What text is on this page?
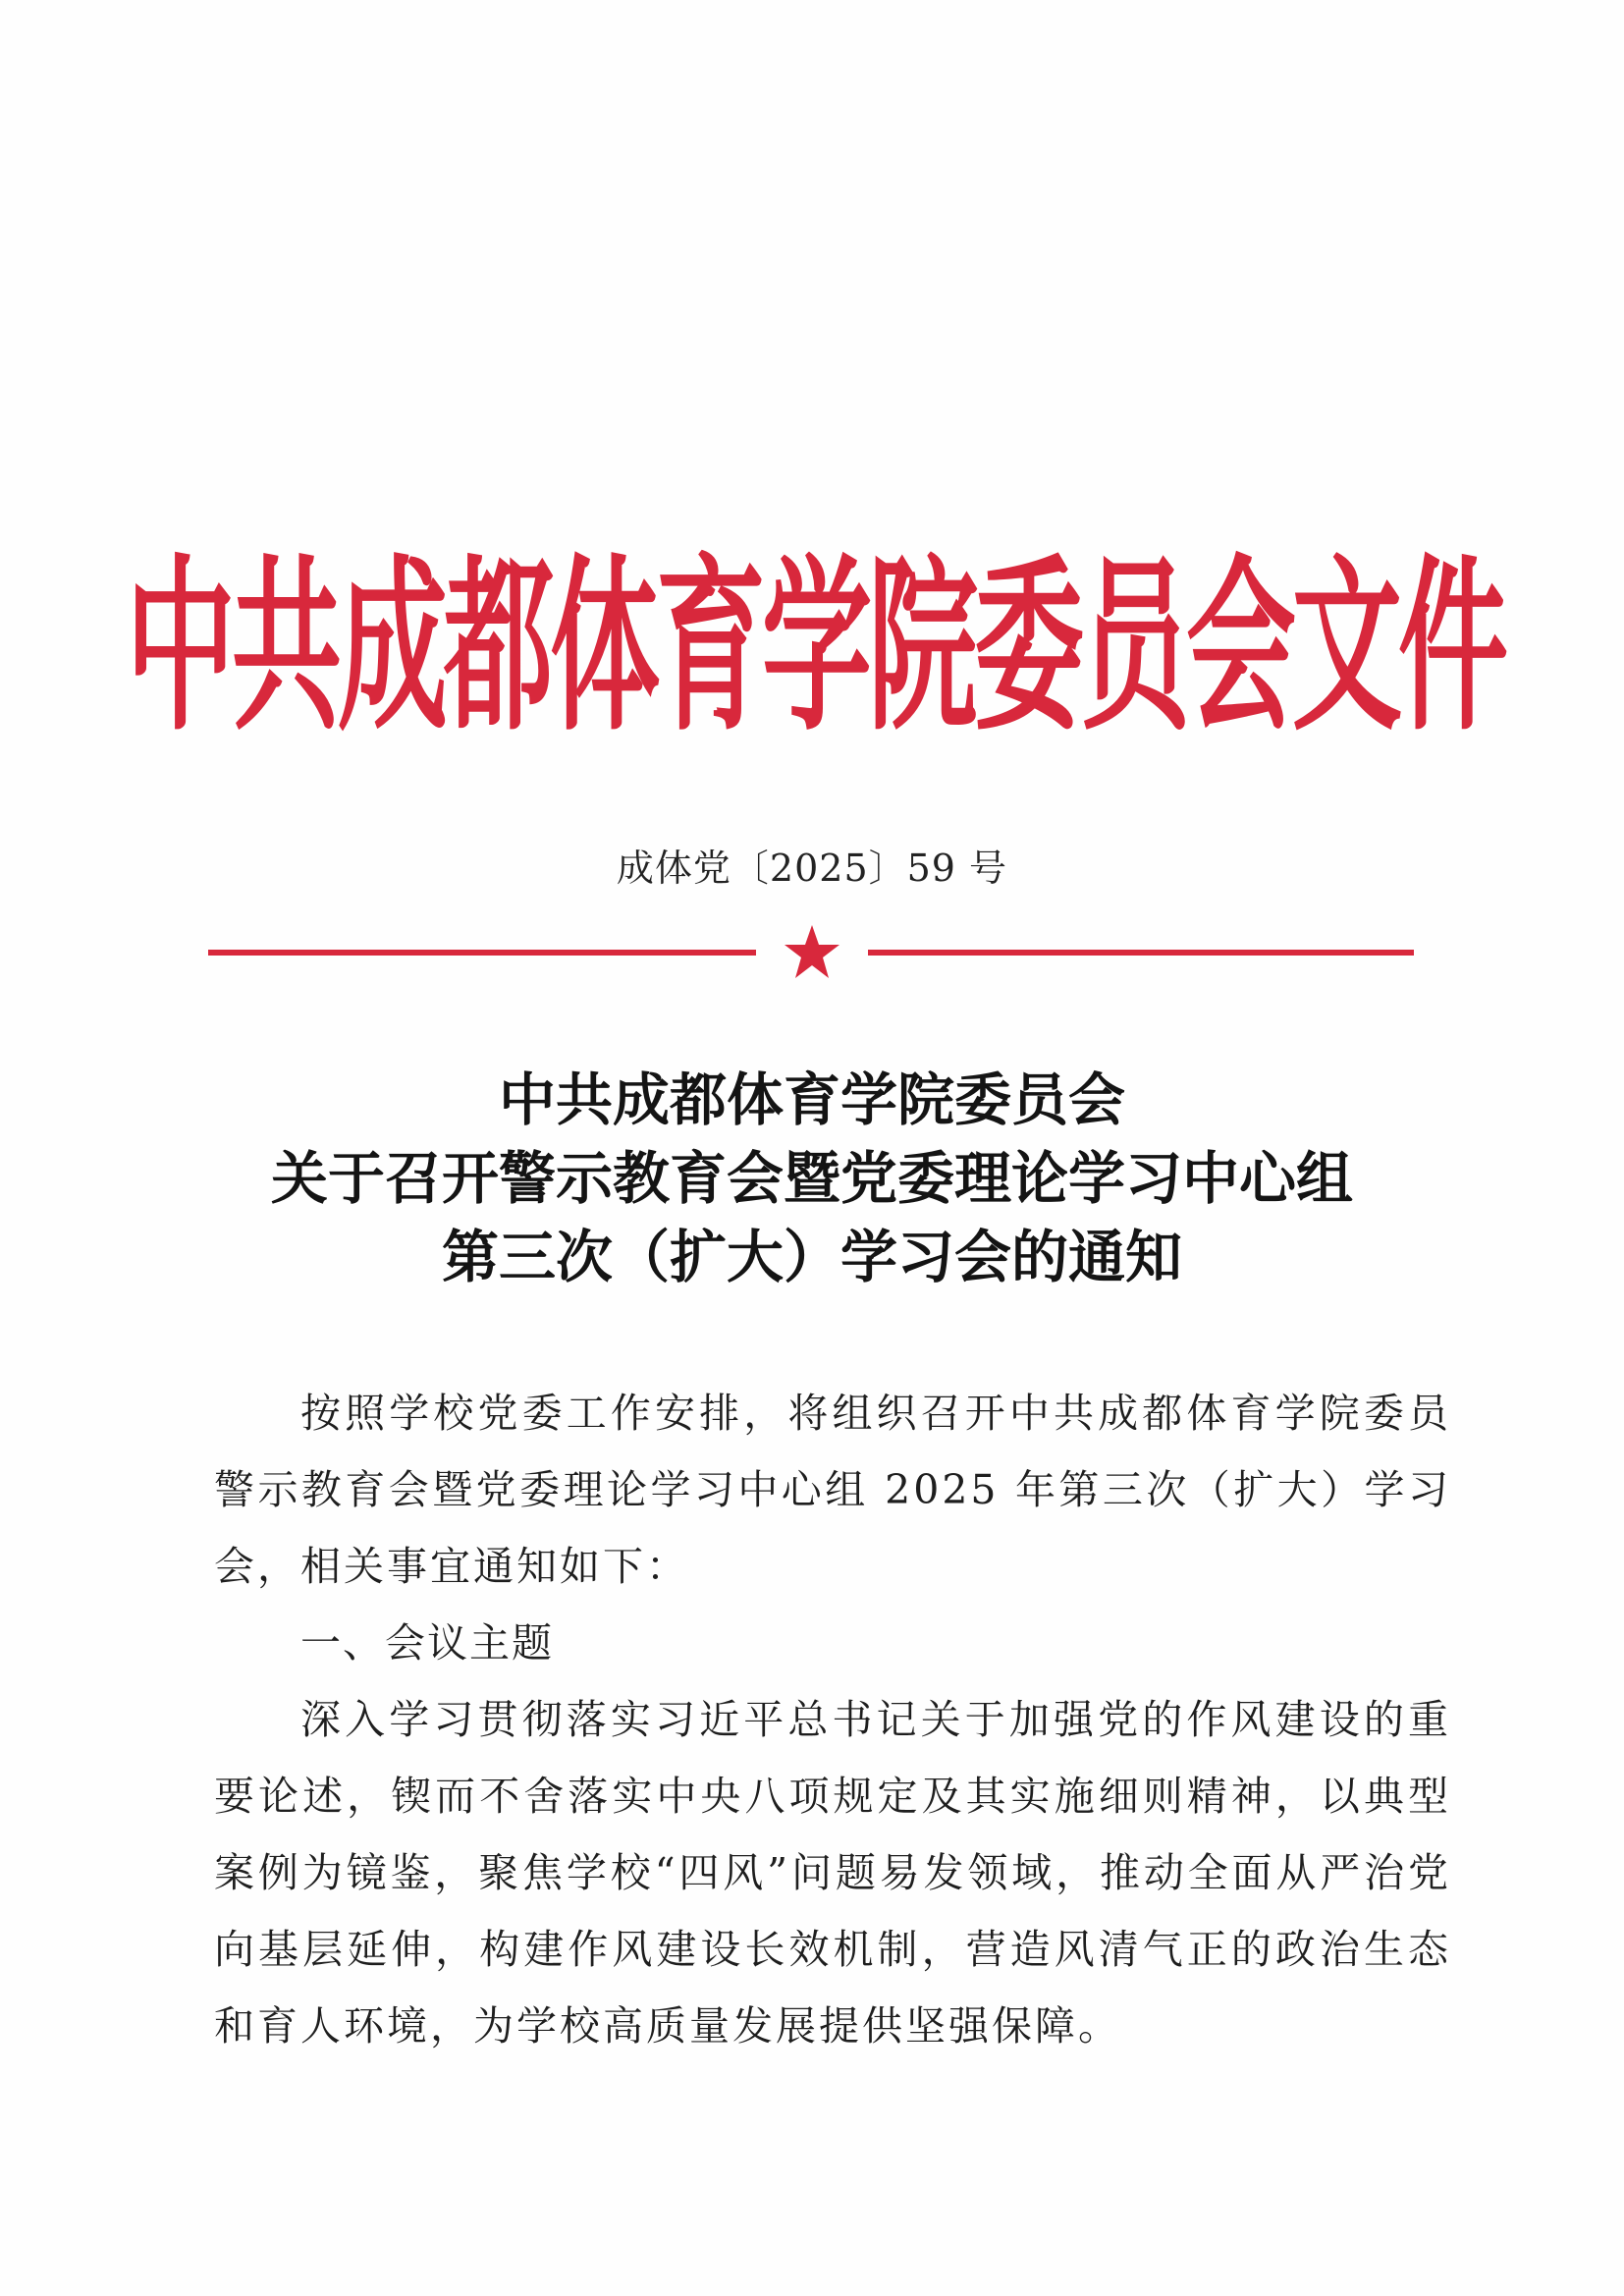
中共成都体育学院委员会文件
成体党〔2025〕59 号
中共成都体育学院委员会
关于召开警示教育会暨党委理论学习中心组
第三次（扩大）学习会的通知

按照学校党委工作安排，将组织召开中共成都体育学院委员警示教育会暨党委理论学习中心组 2025 年第三次（扩大）学习会，相关事宜通知如下：

一、会议主题

深入学习贯彻落实习近平总书记关于加强党的作风建设的重要论述，锲而不舍落实中央八项规定及其实施细则精神，以典型案例为镜鉴，聚焦学校“四风”问题易发领域，推动全面从严治党向基层延伸，构建作风建设长效机制，营造风清气正的政治生态和育人环境，为学校高质量发展提供坚强保障。
